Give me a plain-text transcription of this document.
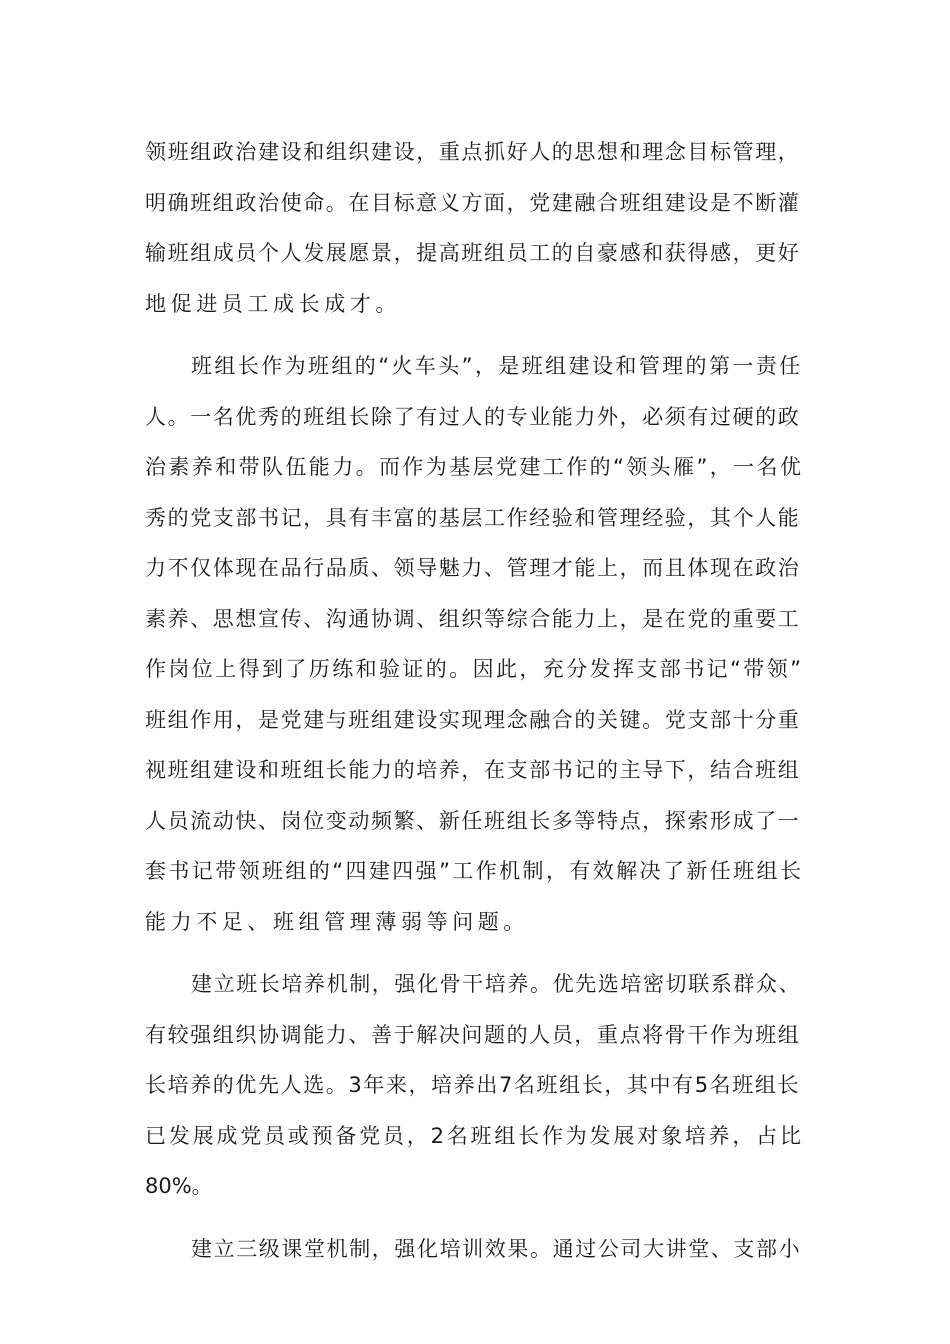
领班组政治建设和组织建设，重点抓好人的思想和理念目标管理，
明确班组政治使命。在目标意义方面，党建融合班组建设是不断灌
输班组成员个人发展愿景，提高班组员工的自豪感和获得感，更好
地促进员工成长成才。

班组长作为班组的“火车头”，是班组建设和管理的第一责任
人。一名优秀的班组长除了有过人的专业能力外，必须有过硬的政
治素养和带队伍能力。而作为基层党建工作的“领头雁”，一名优
秀的党支部书记，具有丰富的基层工作经验和管理经验，其个人能
力不仅体现在品行品质、领导魅力、管理才能上，而且体现在政治
素养、思想宣传、沟通协调、组织等综合能力上，是在党的重要工
作岗位上得到了历练和验证的。因此，充分发挥支部书记“带领”
班组作用，是党建与班组建设实现理念融合的关键。党支部十分重
视班组建设和班组长能力的培养，在支部书记的主导下，结合班组
人员流动快、岗位变动频繁、新任班组长多等特点，探索形成了一
套书记带领班组的“四建四强”工作机制，有效解决了新任班组长
能力不足、班组管理薄弱等问题。

建立班长培养机制，强化骨干培养。优先选培密切联系群众、
有较强组织协调能力、善于解决问题的人员，重点将骨干作为班组
长培养的优先人选。3年来，培养出7名班组长，其中有5名班组长
已发展成党员或预备党员，2名班组长作为发展对象培养，占比
80%。

建立三级课堂机制，强化培训效果。通过公司大讲堂、支部小
